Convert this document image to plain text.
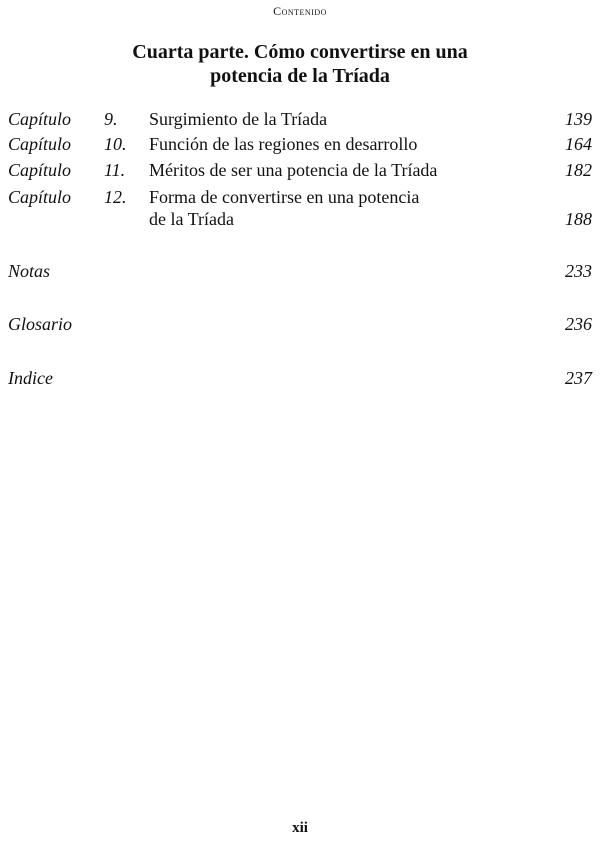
Contenido
Cuarta parte. Cómo convertirse en una
potencia de la Tríada
Capítulo 9. Surgimiento de la Tríada	139
Capítulo 10. Función de las regiones en desarrollo	164
Capítulo 11. Méritos de ser una potencia de la Tríada	182
Capítulo 12. Forma de convertirse en una potencia
de la Tríada	188
Notas	233
Glosario	236
Indice	237
xii
